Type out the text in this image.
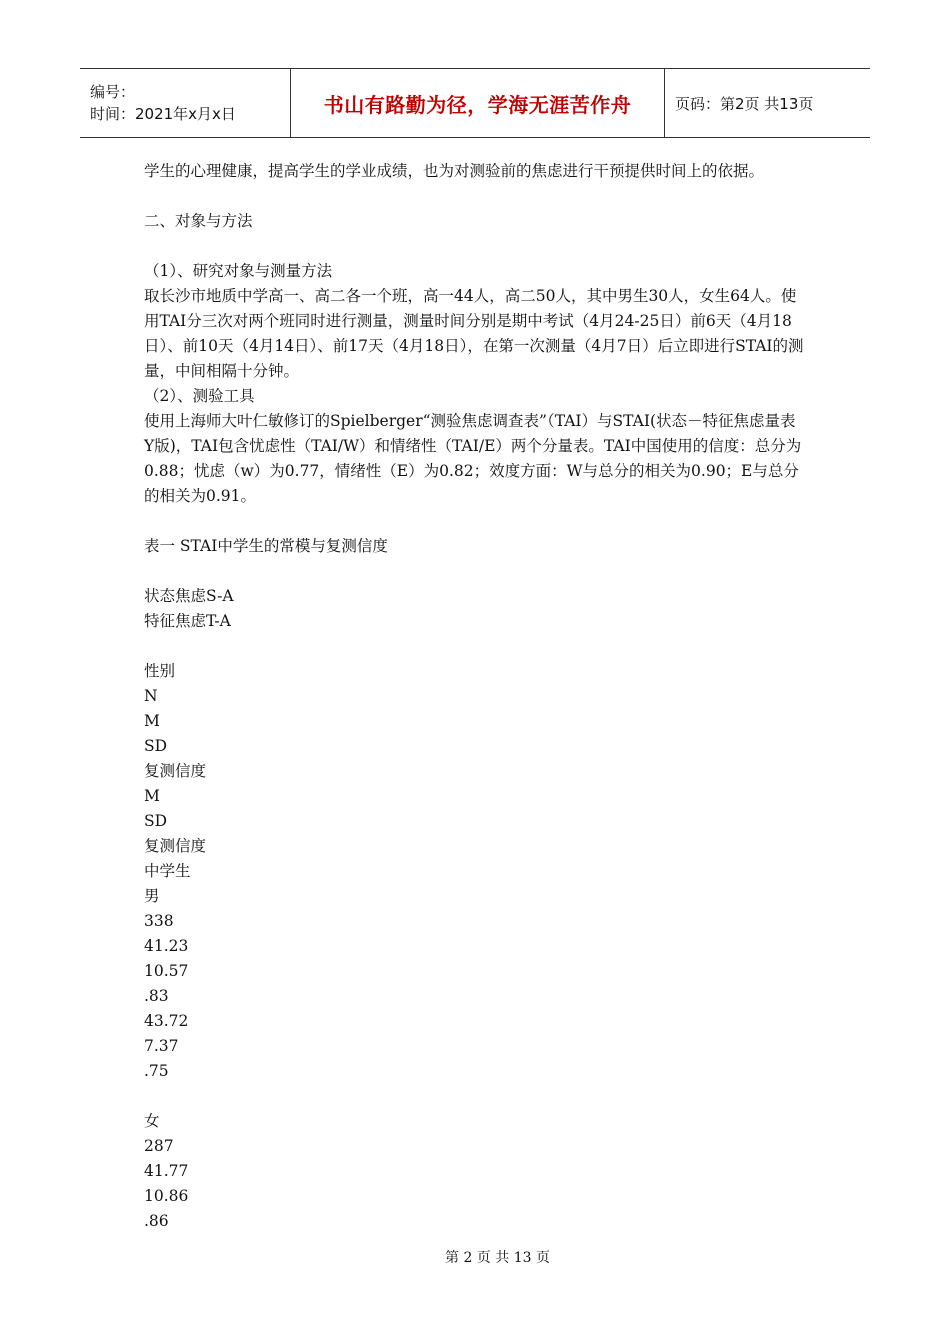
编号：
时间：2021年x月x日	书山有路勤为径，学海无涯苦作舟	页码：第2页 共13页

学生的心理健康，提高学生的学业成绩，也为对测验前的焦虑进行干预提供时间上的依据。

二、对象与方法

（1）、研究对象与测量方法

取长沙市地质中学高一、高二各一个班，高一44人，高二50人，其中男生30人，女生64人。使用TAI分三次对两个班同时进行测量，测量时间分别是期中考试（4月24-25日）前6天（4月18日）、前10天（4月14日）、前17天（4月18日），在第一次测量（4月7日）后立即进行STAI的测量，中间相隔十分钟。

（2）、测验工具

使用上海师大叶仁敏修订的Spielberger“测验焦虑调查表”（TAI）与STAI(状态－特征焦虑量表 Y版)，TAI包含忧虑性（TAI/W）和情绪性（TAI/E）两个分量表。TAI中国使用的信度：总分为0.88；忧虑（w）为0.77，情绪性（E）为0.82；效度方面：W与总分的相关为0.90；E与总分的相关为0.91。

表一 STAI中学生的常模与复测信度

状态焦虑S-A

特征焦虑T-A

性别

N

M

SD

复测信度

M

SD

复测信度

中学生

男

338

41.23

10.57

.83

43.72

7.37

.75

女

287

41.77

10.86

.86

第 2 页 共 13 页
